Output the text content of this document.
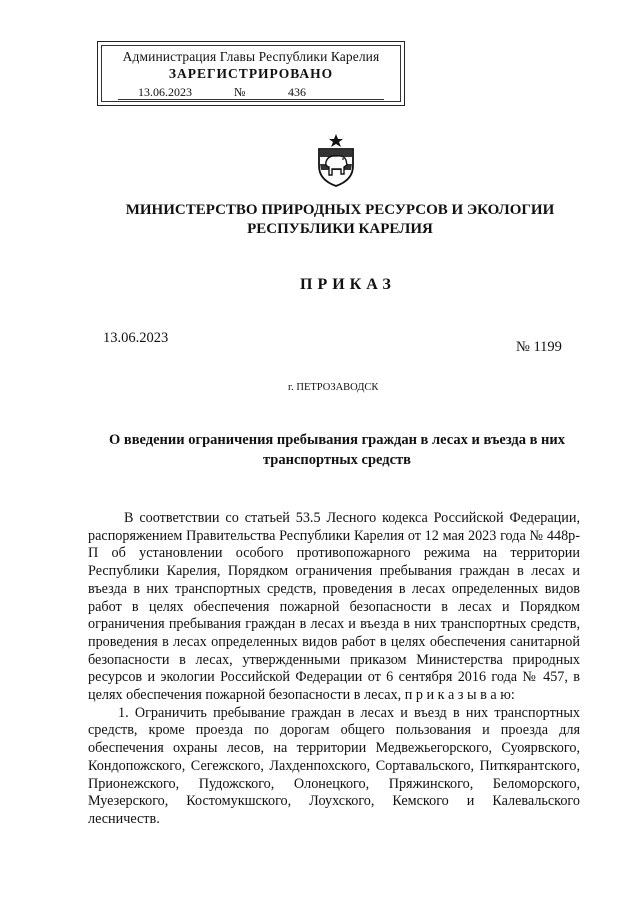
Администрация Главы Республики Карелия
ЗАРЕГИСТРИРОВАНО
13.06.2023	№	436
МИНИСТЕРСТВО ПРИРОДНЫХ РЕСУРСОВ И ЭКОЛОГИИ
РЕСПУБЛИКИ КАРЕЛИЯ
ПРИКАЗ
13.06.2023
№ 1199
г. ПЕТРОЗАВОДСК
О введении ограничения пребывания граждан в лесах и въезда в них
транспортных средств

В соответствии со статьей 53.5 Лесного кодекса Российской Федерации, распоряжением Правительства Республики Карелия от 12 мая 2023 года № 448р-П об установлении особого противопожарного режима на территории Республики Карелия, Порядком ограничения пребывания граждан в лесах и въезда в них транспортных средств, проведения в лесах определенных видов работ в целях обеспечения пожарной безопасности в лесах и Порядком ограничения пребывания граждан в лесах и въезда в них транспортных средств, проведения в лесах определенных видов работ в целях обеспечения санитарной безопасности в лесах, утвержденными приказом Министерства природных ресурсов и экологии Российской Федерации от 6 сентября 2016 года № 457, в целях обеспечения пожарной безопасности в лесах, п р и к а з ы в а ю:

1. Ограничить пребывание граждан в лесах и въезд в них транспортных средств, кроме проезда по дорогам общего пользования и проезда для обеспечения охраны лесов, на территории Медвежьегорского, Суоярвского, Кондопожского, Сегежского, Лахденпохского, Сортавальского, Питкярантского, Прионежского, Пудожского, Олонецкого, Пряжинского, Беломорского, Муезерского, Костомукшского, Лоухского, Кемского и Калевальского лесничеств.
